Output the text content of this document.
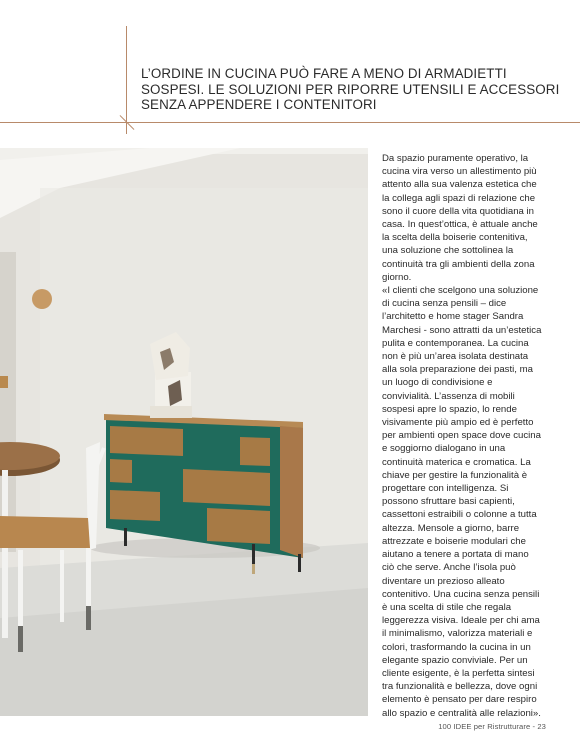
L’ORDINE IN CUCINA PUÒ FARE A MENO DI ARMADIETTI SOSPESI. LE SOLUZIONI PER RIPORRE UTENSILI E ACCESSORI SENZA APPENDERE I CONTENITORI

Da spazio puramente operativo, la cucina vira verso un allestimento più attento alla sua valenza estetica che la collega agli spazi di relazione che sono il cuore della vita quotidiana in casa. In quest’ottica, è attuale anche la scelta della boiserie contenitiva, una soluzione che sottolinea la continuità tra gli ambienti della zona giorno.

«I clienti che scelgono una soluzione di cucina senza pensili – dice l’architetto e home stager Sandra Marchesi - sono attratti da un’estetica pulita e contemporanea. La cucina non è più un’area isolata destinata alla sola preparazione dei pasti, ma un luogo di condivisione e convivialità. L’assenza di mobili sospesi apre lo spazio, lo rende visivamente più ampio ed è perfetto per ambienti open space dove cucina e soggiorno dialogano in una continuità materica e cromatica. La chiave per gestire la funzionalità è progettare con intelligenza. Si possono sfruttare basi capienti, cassettoni estraibili o colonne a tutta altezza. Mensole a giorno, barre attrezzate e boiserie modulari che aiutano a tenere a portata di mano ciò che serve. Anche l’isola può diventare un prezioso alleato contenitivo. Una cucina senza pensili è una scelta di stile che regala leggerezza visiva. Ideale per chi ama il minimalismo, valorizza materiali e colori, trasformando la cucina in un elegante spazio conviviale. Per un cliente esigente, è la perfetta sintesi tra funzionalità e bellezza, dove ogni elemento è pensato per dare respiro allo spazio e centralità alle relazioni».

100 IDEE per Ristrutturare - 23
